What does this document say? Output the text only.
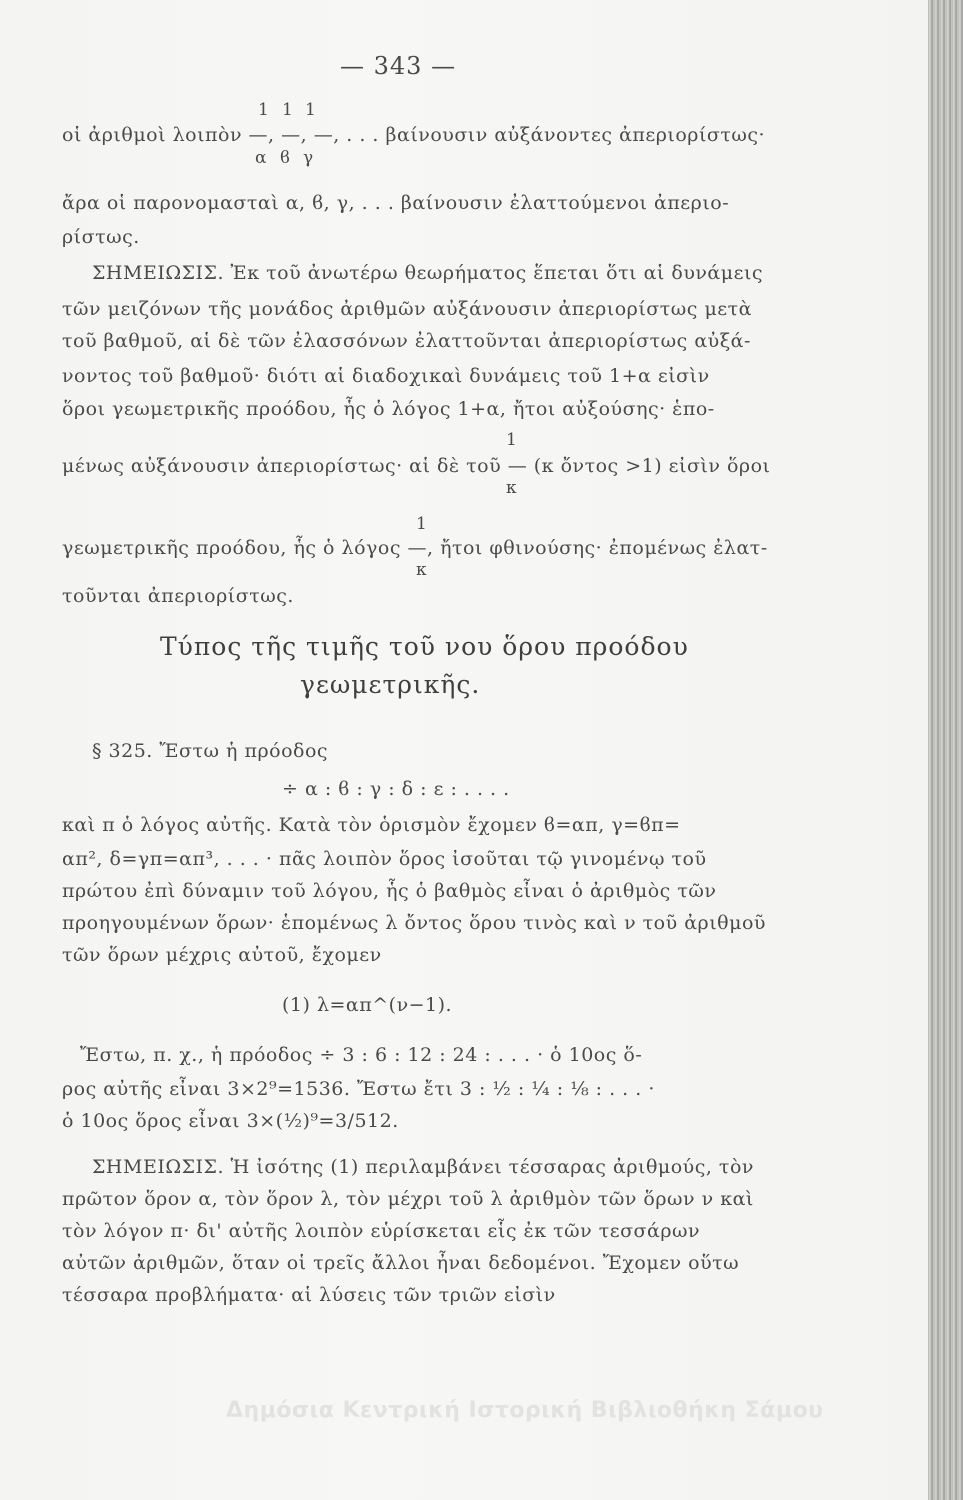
— 343 —
1 1 1
α ϐ γ
οἱ ἀριθμοὶ λοιπὸν —, —, —, . . . βαίνουσιν αὐξάνοντες ἀπεριορίστως·
ἄρα οἱ παρονομασταὶ α, ϐ, γ, . . . βαίνουσιν ἐλαττούμενοι ἀπεριο-
ρίστως.
ΣΗΜΕΙΩΣΙΣ. Ἐκ τοῦ ἀνωτέρω θεωρήματος ἕπεται ὅτι αἱ δυνάμεις
τῶν μειζόνων τῆς μονάδος ἀριθμῶν αὐξάνουσιν ἀπεριορίστως μετὰ
τοῦ βαθμοῦ, αἱ δὲ τῶν ἐλασσόνων ἐλαττοῦνται ἀπεριορίστως αὐξά-
νοντος τοῦ βαθμοῦ· διότι αἱ διαδοχικαὶ δυνάμεις τοῦ 1+α εἰσὶν
ὅροι γεωμετρικῆς προόδου, ἧς ὁ λόγος 1+α, ἤτοι αὐξούσης· ἑπο-
1
μένως αὐξάνουσιν ἀπεριορίστως· αἱ δὲ τοῦ — (κ ὄντος >1) εἰσὶν ὅροι
κ
1
γεωμετρικῆς προόδου, ἧς ὁ λόγος —, ἤτοι φθινούσης· ἐπομένως ἐλατ-
κ
τοῦνται ἀπεριορίστως.
Τύπος τῆς τιμῆς τοῦ νου ὅρου προόδου
γεωμετρικῆς.
§ 325. Ἔστω ἡ πρόοδος
÷ α : ϐ : γ : δ : ε : . . . .
καὶ π ὁ λόγος αὐτῆς. Κατὰ τὸν ὁρισμὸν ἔχομεν ϐ=απ, γ=ϐπ=
απ², δ=γπ=απ³, . . . · πᾶς λοιπὸν ὅρος ἰσοῦται τῷ γινομένῳ τοῦ
πρώτου ἐπὶ δύναμιν τοῦ λόγου, ἧς ὁ βαθμὸς εἶναι ὁ ἀριθμὸς τῶν
προηγουμένων ὅρων· ἑπομένως λ ὄντος ὅρου τινὸς καὶ ν τοῦ ἀριθμοῦ
τῶν ὅρων μέχρις αὐτοῦ, ἔχομεν
(1) λ=απ^(ν−1).
Ἔστω, π. χ., ἡ πρόοδος ÷ 3 : 6 : 12 : 24 : . . . · ὁ 10ος ὅ-
ρος αὐτῆς εἶναι 3×2⁹=1536. Ἔστω ἔτι 3 : ½ : ¼ : ⅛ : . . . ·
ὁ 10ος ὅρος εἶναι 3×(½)⁹=3/512.
ΣΗΜΕΙΩΣΙΣ. Ἡ ἰσότης (1) περιλαμβάνει τέσσαρας ἀριθμούς, τὸν
πρῶτον ὅρον α, τὸν ὅρον λ, τὸν μέχρι τοῦ λ ἀριθμὸν τῶν ὅρων ν καὶ
τὸν λόγον π· δι' αὐτῆς λοιπὸν εὑρίσκεται εἷς ἐκ τῶν τεσσάρων
αὐτῶν ἀριθμῶν, ὅταν οἱ τρεῖς ἄλλοι ἦναι δεδομένοι. Ἔχομεν οὕτω
τέσσαρα προβλήματα· αἱ λύσεις τῶν τριῶν εἰσὶν
Δημόσια Κεντρική Ιστορική Βιβλιοθήκη Σάμου
